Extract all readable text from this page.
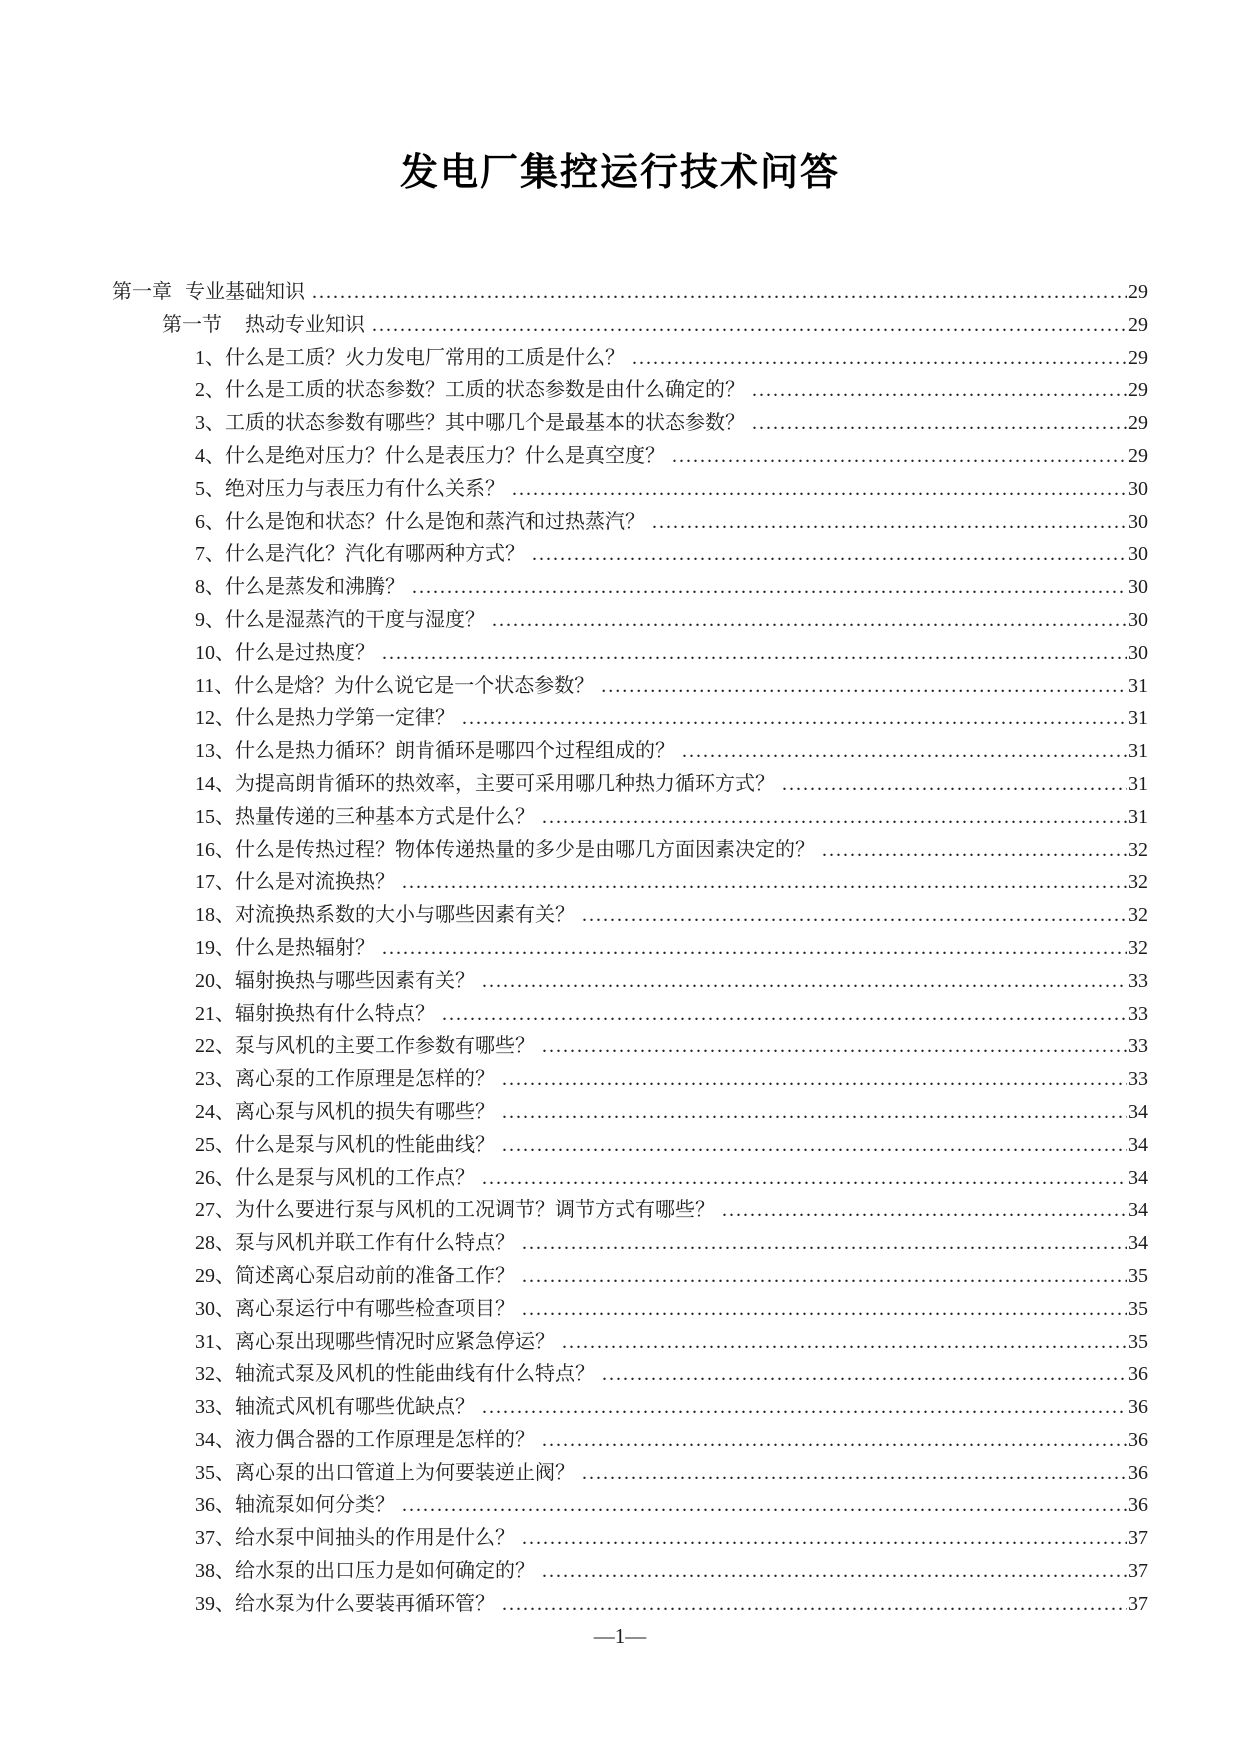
发电厂集控运行技术问答
第一章 专业基础知识 .....	29
第一节 热动专业知识 .....	29
1、 什么是工质？火力发电厂常用的工质是什么？ .....	29
2、 什么是工质的状态参数？工质的状态参数是由什么确定的？ .....	29
3、 工质的状态参数有哪些？其中哪几个是最基本的状态参数？ .....	29
4、 什么是绝对压力？什么是表压力？什么是真空度？ .....	29
5、 绝对压力与表压力有什么关系？ .....	30
6、 什么是饱和状态？什么是饱和蒸汽和过热蒸汽？ .....	30
7、 什么是汽化？汽化有哪两种方式？ .....	30
8、 什么是蒸发和沸腾？ .....	30
9、 什么是湿蒸汽的干度与湿度？ .....	30
10、 什么是过热度？ .....	30
11、 什么是焓？为什么说它是一个状态参数？ .....	31
12、 什么是热力学第一定律？ .....	31
13、 什么是热力循环？朗肯循环是哪四个过程组成的？ .....	31
14、 为提高朗肯循环的热效率，主要可采用哪几种热力循环方式？ .....	31
15、 热量传递的三种基本方式是什么？ .....	31
16、 什么是传热过程？物体传递热量的多少是由哪几方面因素决定的？ .....	32
17、 什么是对流换热？ .....	32
18、 对流换热系数的大小与哪些因素有关？ .....	32
19、 什么是热辐射？ .....	32
20、 辐射换热与哪些因素有关？ .....	33
21、 辐射换热有什么特点？ .....	33
22、 泵与风机的主要工作参数有哪些？ .....	33
23、 离心泵的工作原理是怎样的？ .....	33
24、 离心泵与风机的损失有哪些？ .....	34
25、 什么是泵与风机的性能曲线？ .....	34
26、 什么是泵与风机的工作点？ .....	34
27、 为什么要进行泵与风机的工况调节？调节方式有哪些？ .....	34
28、 泵与风机并联工作有什么特点？ .....	34
29、 简述离心泵启动前的准备工作？ .....	35
30、 离心泵运行中有哪些检查项目？ .....	35
31、 离心泵出现哪些情况时应紧急停运？ .....	35
32、 轴流式泵及风机的性能曲线有什么特点？ .....	36
33、 轴流式风机有哪些优缺点？ .....	36
34、 液力偶合器的工作原理是怎样的？ .....	36
35、 离心泵的出口管道上为何要装逆止阀？ .....	36
36、 轴流泵如何分类？ .....	36
37、 给水泵中间抽头的作用是什么？ .....	37
38、 给水泵的出口压力是如何确定的？ .....	37
39、 给水泵为什么要装再循环管？ .....	37
—1—
